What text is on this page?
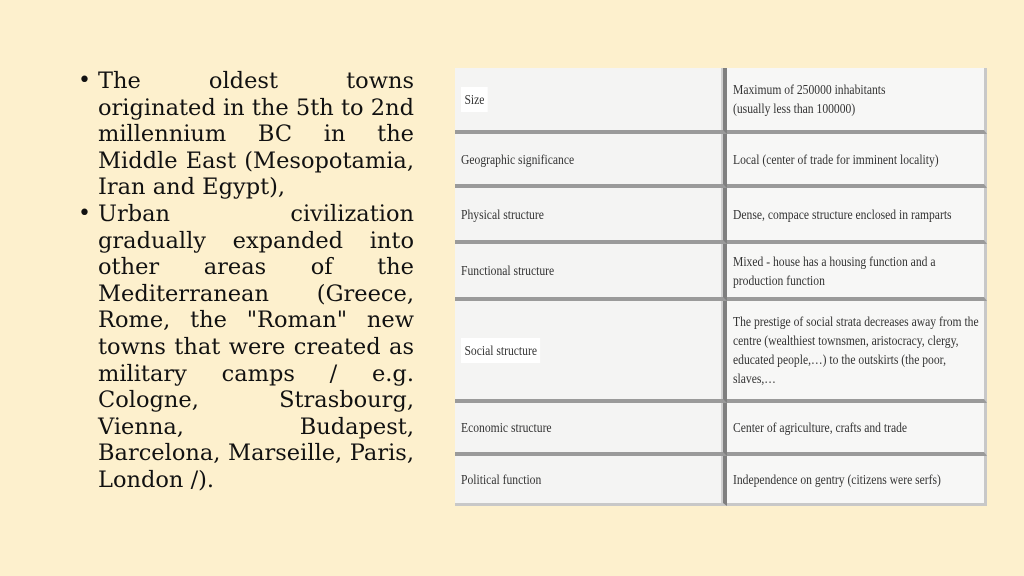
• The oldest towns originated in the 5th to 2nd millennium BC in the Middle East (Mesopotamia, Iran and Egypt),
• Urban civilization gradually expanded into other areas of the Mediterranean (Greece, Rome, the "Roman" new towns that were created as military camps / e.g. Cologne, Strasbourg, Vienna, Budapest, Barcelona, Marseille, Paris, London /).
Size	Maximum of 250000 inhabitants
(usually less than 100000)
Geographic significance	Local (center of trade for imminent locality)
Physical structure	Dense, compace structure enclosed in ramparts
Functional structure	Mixed - house has a housing function and a
production function
Social structure	The prestige of social strata decreases away from the centre (wealthiest townsmen, aristocracy, clergy, educated people,…) to the outskirts (the poor, slaves,…
Economic structure	Center of agriculture, crafts and trade
Political function	Independence on gentry (citizens were serfs)
